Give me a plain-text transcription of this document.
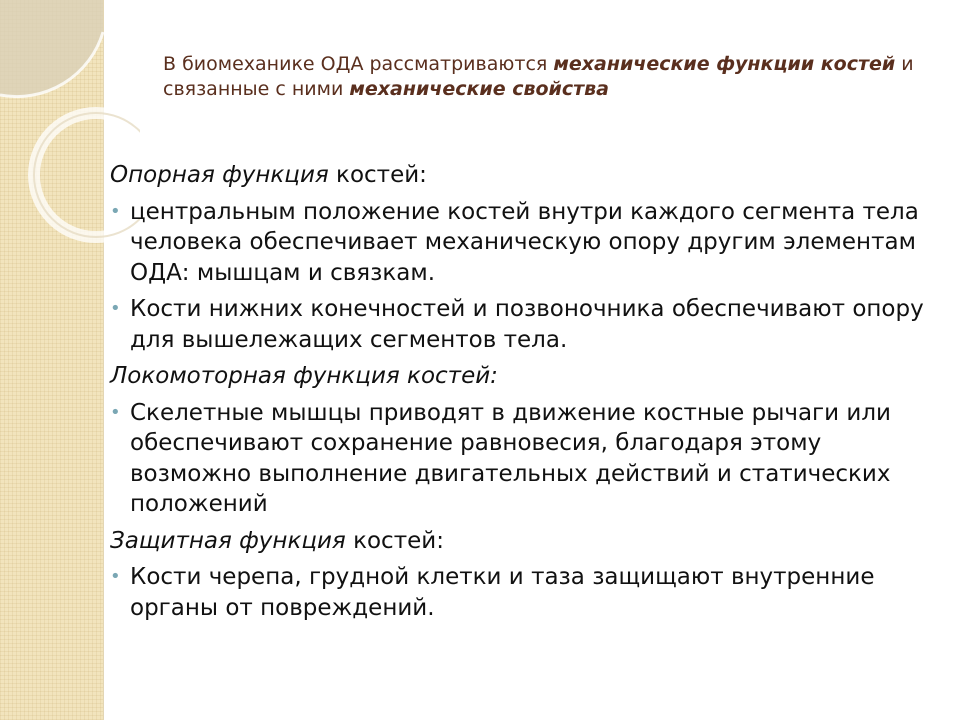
В биомеханике ОДА рассматриваются механические функции костей и связанные с ними механические свойства
Опорная функция костей:
• центральным положение костей внутри каждого сегмента тела человека обеспечивает механическую опору другим элементам ОДА: мышцам и связкам.
• Кости нижних конечностей и позвоночника обеспечивают опору для вышележащих сегментов тела.
Локомоторная функция костей:
• Скелетные мышцы приводят в движение костные рычаги или обеспечивают сохранение равновесия, благодаря этому возможно выполнение двигательных действий и статических положений
Защитная функция костей:
• Кости черепа, грудной клетки и таза защищают внутренние органы от повреждений.
